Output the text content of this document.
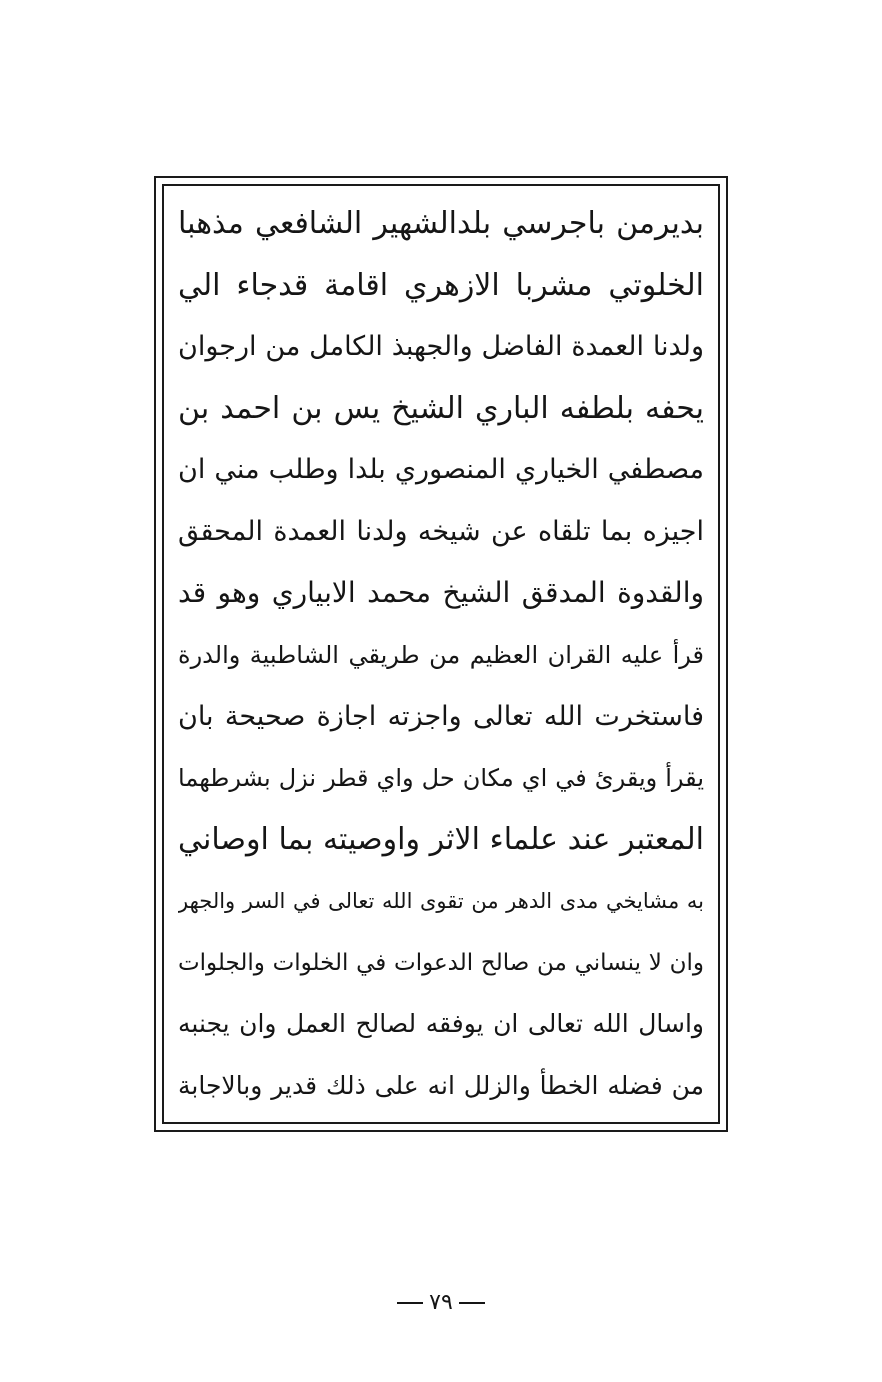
بديرمن باجرسي بلدالشهير الشافعي مذهبا
الخلوتي مشربا الازهري اقامة قدجاء الي
ولدنا العمدة الفاضل والجهبذ الكامل من ارجوان
يحفه بلطفه الباري الشيخ يس بن احمد بن
مصطفي الخياري المنصوري بلدا وطلب مني ان
اجيزه بما تلقاه عن شيخه ولدنا العمدة المحقق
والقدوة المدقق الشيخ محمد الابياري وهو قد
قرأ عليه القران العظيم من طريقي الشاطبية والدرة
فاستخرت الله تعالى واجزته اجازة صحيحة بان
يقرأ ويقرئ في اي مكان حل واي قطر نزل بشرطهما
المعتبر عند علماء الاثر واوصيته بما اوصاني
به مشايخي مدى الدهر من تقوى الله تعالى في السر والجهر
وان لا ينساني من صالح الدعوات في الخلوات والجلوات
واسال الله تعالى ان يوفقه لصالح العمل وان يجنبه
من فضله الخطأ والزلل انه على ذلك قدير وبالاجابة
٧٩
